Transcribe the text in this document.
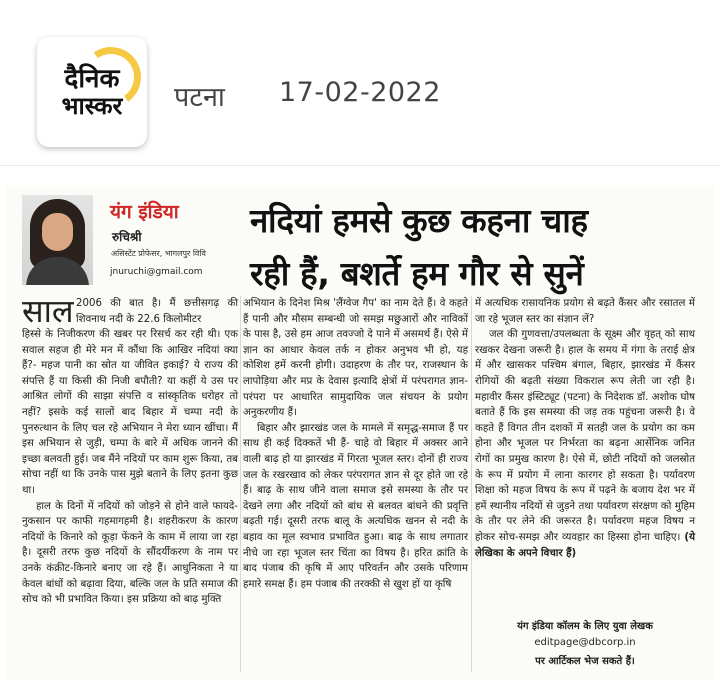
दैनिक
भास्कर पटना 17-02-2022
यंग इंडिया
रुचिश्री
असिस्टेंट प्रोफेसर, भागलपुर विवि
jnuruchi@gmail.com
नदियां हमसे कुछ कहना चाह
रही हैं, बशर्ते हम गौर से सुनें
साल 2006 की बात है। मैं छत्तीसगढ़ की शिवनाथ नदी के 22.6 किलोमीटर

हिस्से के निजीकरण की खबर पर रिसर्च कर रही थी। एक सवाल सहज ही मेरे मन में कौंधा कि आखिर नदियां क्या हैं?- महज पानी का स्रोत या जीवित इकाई? ये राज्य की संपत्ति हैं या किसी की निजी बपौती? या कहीं ये उस पर आश्रित लोगों की साझा संपत्ति व सांस्कृतिक धरोहर तो नहीं? इसके कई सालों बाद बिहार में चम्पा नदी के पुनरुत्थान के लिए चल रहे अभियान ने मेरा ध्यान खींचा। मैं इस अभियान से जुड़ी, चम्पा के बारे में अधिक जानने की इच्छा बलवती हुई। जब मैंने नदियों पर काम शुरू किया, तब सोचा नहीं था कि उनके पास मुझे बताने के लिए इतना कुछ था।

हाल के दिनों में नदियों को जोड़ने से होने वाले फायदे-नुकसान पर काफी गहमागहमी है। शहरीकरण के कारण नदियों के किनारे को कूड़ा फेंकने के काम में लाया जा रहा है। दूसरी तरफ कुछ नदियों के सौंदर्यीकरण के नाम पर उनके कंक्रीट-किनारे बनाए जा रहे हैं। आधुनिकता ने या केवल बांधों को बढ़ावा दिया, बल्कि जल के प्रति समाज की सोच को भी प्रभावित किया। इस प्रक्रिया को बाढ़ मुक्ति

अभियान के दिनेश मिश्र 'लैंग्वेज गैप' का नाम देते हैं। वे कहते हैं पानी और मौसम सम्बन्धी जो समझ मछुआरों और नाविकों के पास है, उसे हम आज तवज्जो दे पाने में असमर्थ हैं। ऐसे में ज्ञान का आधार केवल तर्क न होकर अनुभव भी हो, यह कोशिश हमें करनी होगी। उदाहरण के तौर पर, राजस्थान के लापोड़िया और मप्र के देवास इत्यादि क्षेत्रों में परंपरागत ज्ञान-परंपरा पर आधारित सामुदायिक जल संचयन के प्रयोग अनुकरणीय हैं।

बिहार और झारखंड जल के मामले में समृद्ध-समाज हैं पर साथ ही कई दिक्कतें भी हैं- चाहे वो बिहार में अक्सर आने वाली बाढ़ हो या झारखंड में गिरता भूजल स्तर। दोनों ही राज्य जल के रखरखाव को लेकर परंपरागत ज्ञान से दूर होते जा रहे हैं। बाढ़ के साथ जीने वाला समाज इसे समस्या के तौर पर देखने लगा और नदियों को बांध से बलवत बांधने की प्रवृत्ति बढ़ती गई। दूसरी तरफ बालू के अत्यधिक खनन से नदी के बहाव का मूल स्वभाव प्रभावित हुआ। बाढ़ के साथ लगातार नीचे जा रहा भूजल स्तर चिंता का विषय है। हरित क्रांति के बाद पंजाब की कृषि में आए परिवर्तन और उसके परिणाम हमारे समक्ष हैं। हम पंजाब की तरक्की से खुश हों या कृषि

में अत्यधिक रासायनिक प्रयोग से बढ़ते कैंसर और रसातल में जा रहे भूजल स्तर का संज्ञान लें?

जल की गुणवत्ता/उपलब्धता के सूक्ष्म और वृहत् को साथ रखकर देखना जरूरी है। हाल के समय में गंगा के तराई क्षेत्र में और खासकर पश्चिम बंगाल, बिहार, झारखंड में कैंसर रोगियों की बढ़ती संख्या विकराल रूप लेती जा रही है। महावीर कैंसर इंस्टिट्यूट (पटना) के निदेशक डॉ. अशोक घोष बताते हैं कि इस समस्या की जड़ तक पहुंचना जरूरी है। वे कहते हैं विगत तीन दशकों में सतही जल के प्रयोग का कम होना और भूजल पर निर्भरता का बढ़ना आर्सेनिक जनित रोगों का प्रमुख कारण है। ऐसे में, छोटी नदियों को जलस्रोत के रूप में प्रयोग में लाना कारगर हो सकता है। पर्यावरण शिक्षा को महज विषय के रूप में पढ़ने के बजाय देश भर में हमें स्थानीय नदियों से जुड़ने तथा पर्यावरण संरक्षण को मुहिम के तौर पर लेने की जरूरत है। पर्यावरण महज विषय न होकर सोच-समझ और व्यवहार का हिस्सा होना चाहिए। (ये लेखिका के अपने विचार हैं)

यंग इंडिया कॉलम के लिए युवा लेखक
editpage@dbcorp.in
पर आर्टिकल भेज सकते हैं।
